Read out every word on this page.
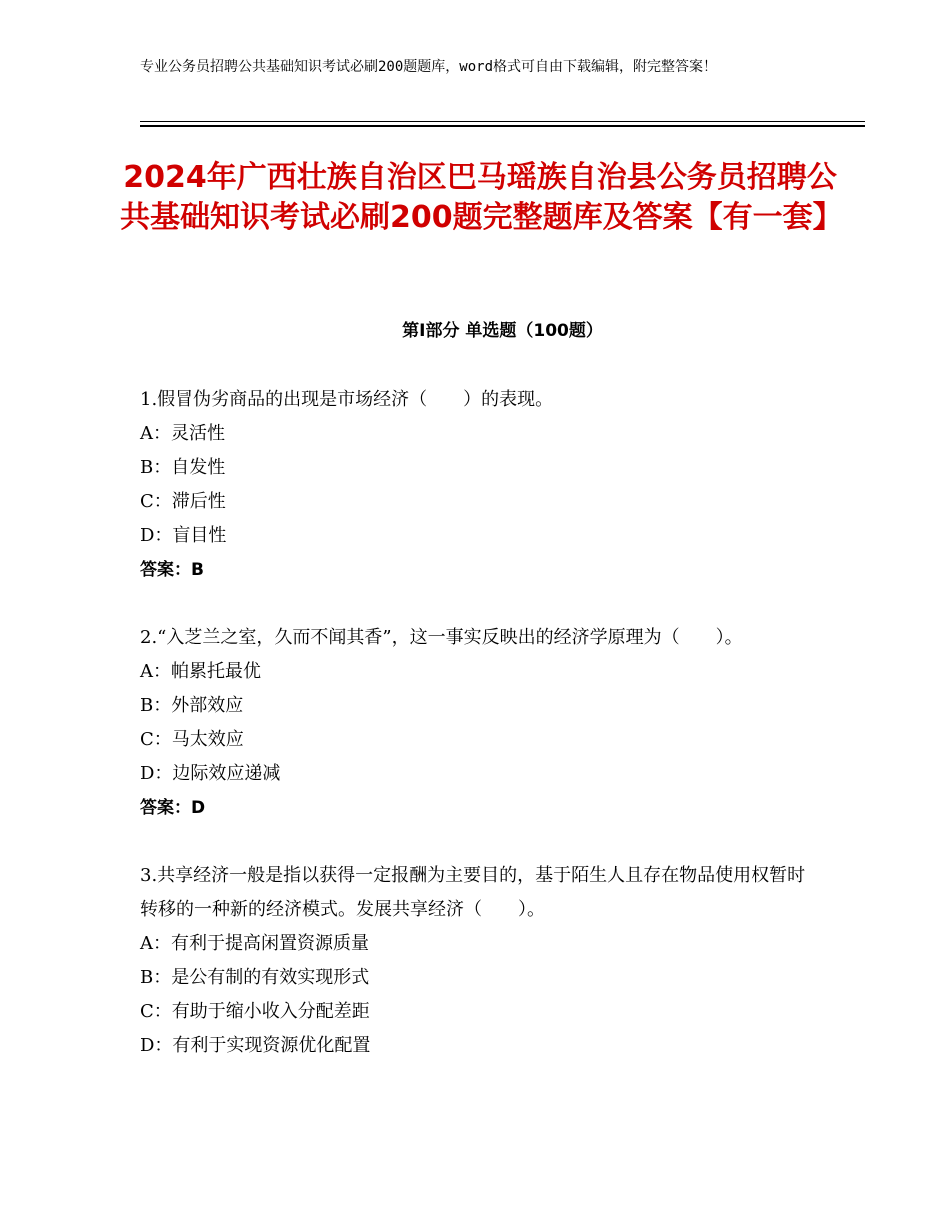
专业公务员招聘公共基础知识考试必刷200题题库，word格式可自由下载编辑，附完整答案！
2024年广西壮族自治区巴马瑶族自治县公务员招聘公共基础知识考试必刷200题完整题库及答案【有一套】
第Ⅰ部分 单选题（100题）
1.假冒伪劣商品的出现是市场经济（　　）的表现。
A：灵活性
B：自发性
C：滞后性
D：盲目性
答案：B
2.“入芝兰之室，久而不闻其香”，这一事实反映出的经济学原理为（　　）。
A：帕累托最优
B：外部效应
C：马太效应
D：边际效应递减
答案：D
3.共享经济一般是指以获得一定报酬为主要目的，基于陌生人且存在物品使用权暂时转移的一种新的经济模式。发展共享经济（　　）。
A：有利于提高闲置资源质量
B：是公有制的有效实现形式
C：有助于缩小收入分配差距
D：有利于实现资源优化配置
